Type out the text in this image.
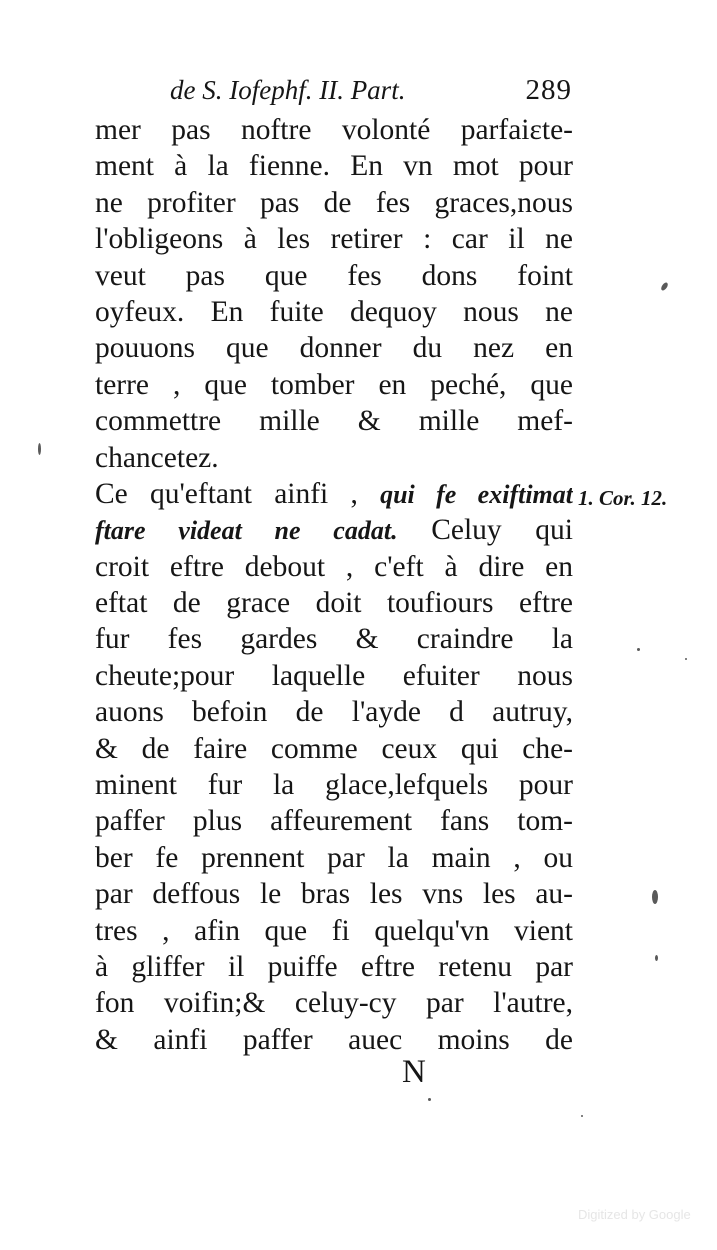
de S. Iofephf. II. Part.	289
mer pas noftre volonté parfaiɛte-
ment à la fienne. En vn mot pour
ne profiter pas de fes graces,nous
l'obligeons à les retirer : car il ne
veut pas que fes dons foint
oyfeux. En fuite dequoy nous ne
pouuons que donner du nez en
terre , que tomber en peché, que
commettre mille & mille mef-
chancetez.
Ce qu'eftant ainfi , qui fe exiftimat
ftare videat ne cadat. Celuy qui
croit eftre debout , c'eft à dire en
eftat de grace doit toufiours eftre
fur fes gardes & craindre la
cheute;pour laquelle efuiter nous
auons befoin de l'ayde d autruy,
& de faire comme ceux qui che-
minent fur la glace,lefquels pour
paffer plus affeurement fans tom-
ber fe prennent par la main , ou
par deffous le bras les vns les au-
tres , afin que fi quelqu'vn vient
à gliffer il puiffe eftre retenu par
fon voifin;& celuy-cy par l'autre,
& ainfi paffer auec moins de
1. Cor. 12.
N
Digitized by Google
